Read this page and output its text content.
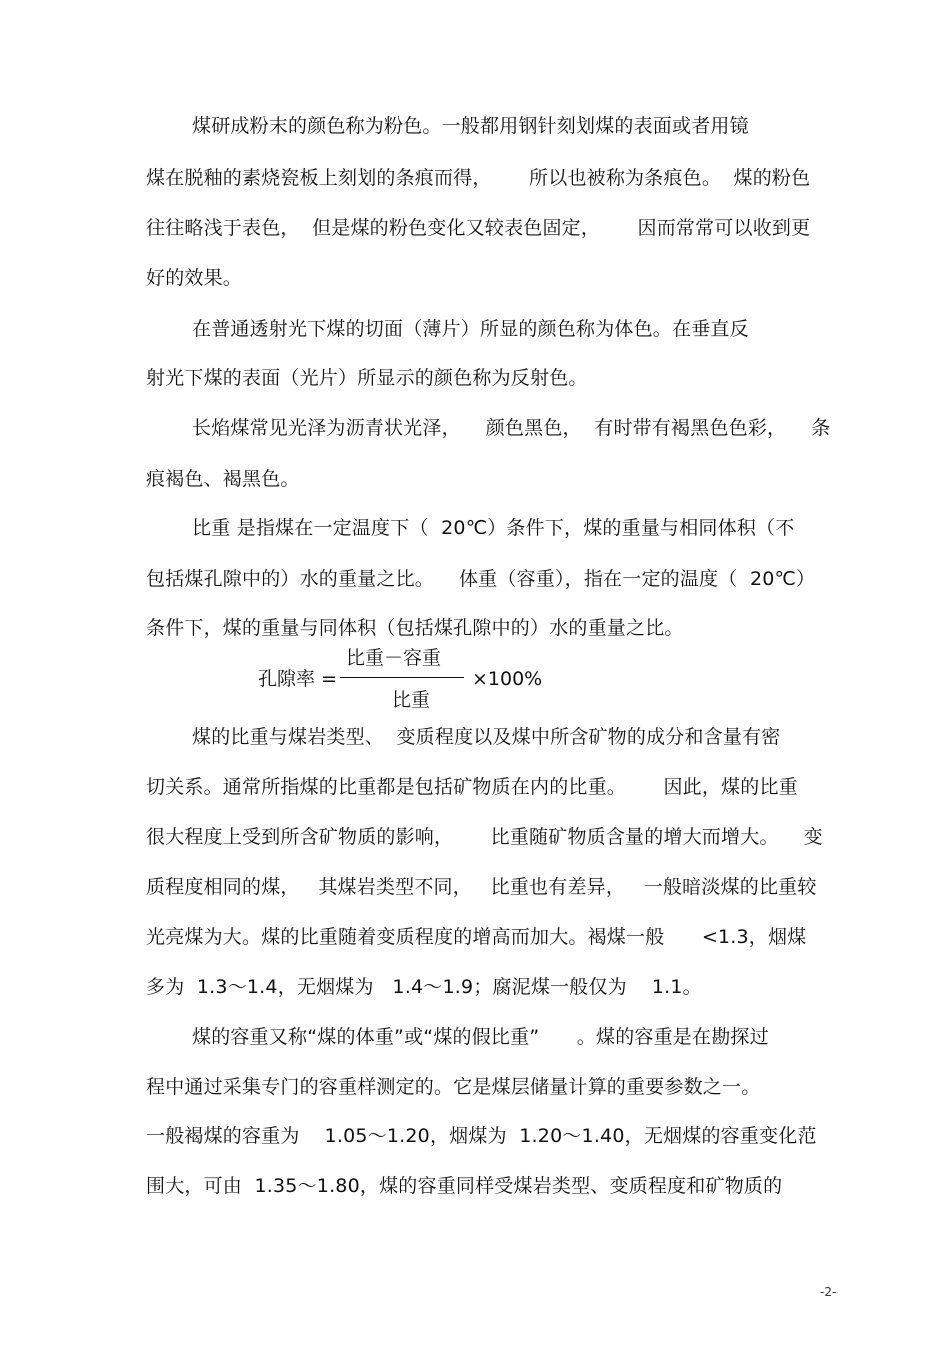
煤研成粉末的颜色称为粉色。一般都用钢针刻划煤的表面或者用镜
煤在脱釉的素烧瓷板上刻划的条痕而得，      所以也被称为条痕色。  煤的粉色
往往略浅于表色，  但是煤的粉色变化又较表色固定，      因而常常可以收到更
好的效果。
在普通透射光下煤的切面（薄片）所显的颜色称为体色。在垂直反
射光下煤的表面（光片）所显示的颜色称为反射色。
长焰煤常见光泽为沥青状光泽，    颜色黑色，  有时带有褐黑色色彩，    条
痕褐色、褐黑色。
比重 是指煤在一定温度下（  20℃）条件下，煤的重量与相同体积（不
包括煤孔隙中的）水的重量之比。    体重（容重），指在一定的温度（  20℃）
条件下，煤的重量与同体积（包括煤孔隙中的）水的重量之比。
孔隙率 =
比重－容重
比重
×100%
煤的比重与煤岩类型、  变质程度以及煤中所含矿物的成分和含量有密
切关系。通常所指煤的比重都是包括矿物质在内的比重。      因此，煤的比重
很大程度上受到所含矿物质的影响，      比重随矿物质含量的增大而增大。    变
质程度相同的煤，   其煤岩类型不同，   比重也有差异，   一般暗淡煤的比重较
光亮煤为大。煤的比重随着变质程度的增高而加大。褐煤一般      <1.3，烟煤
多为  1.3～1.4，无烟煤为   1.4～1.9；腐泥煤一般仅为    1.1。
煤的容重又称“煤的体重”或“煤的假比重”      。煤的容重是在勘探过
程中通过采集专门的容重样测定的。它是煤层储量计算的重要参数之一。
一般褐煤的容重为    1.05～1.20，烟煤为  1.20～1.40，无烟煤的容重变化范
围大，可由  1.35～1.80，煤的容重同样受煤岩类型、变质程度和矿物质的
-2-
